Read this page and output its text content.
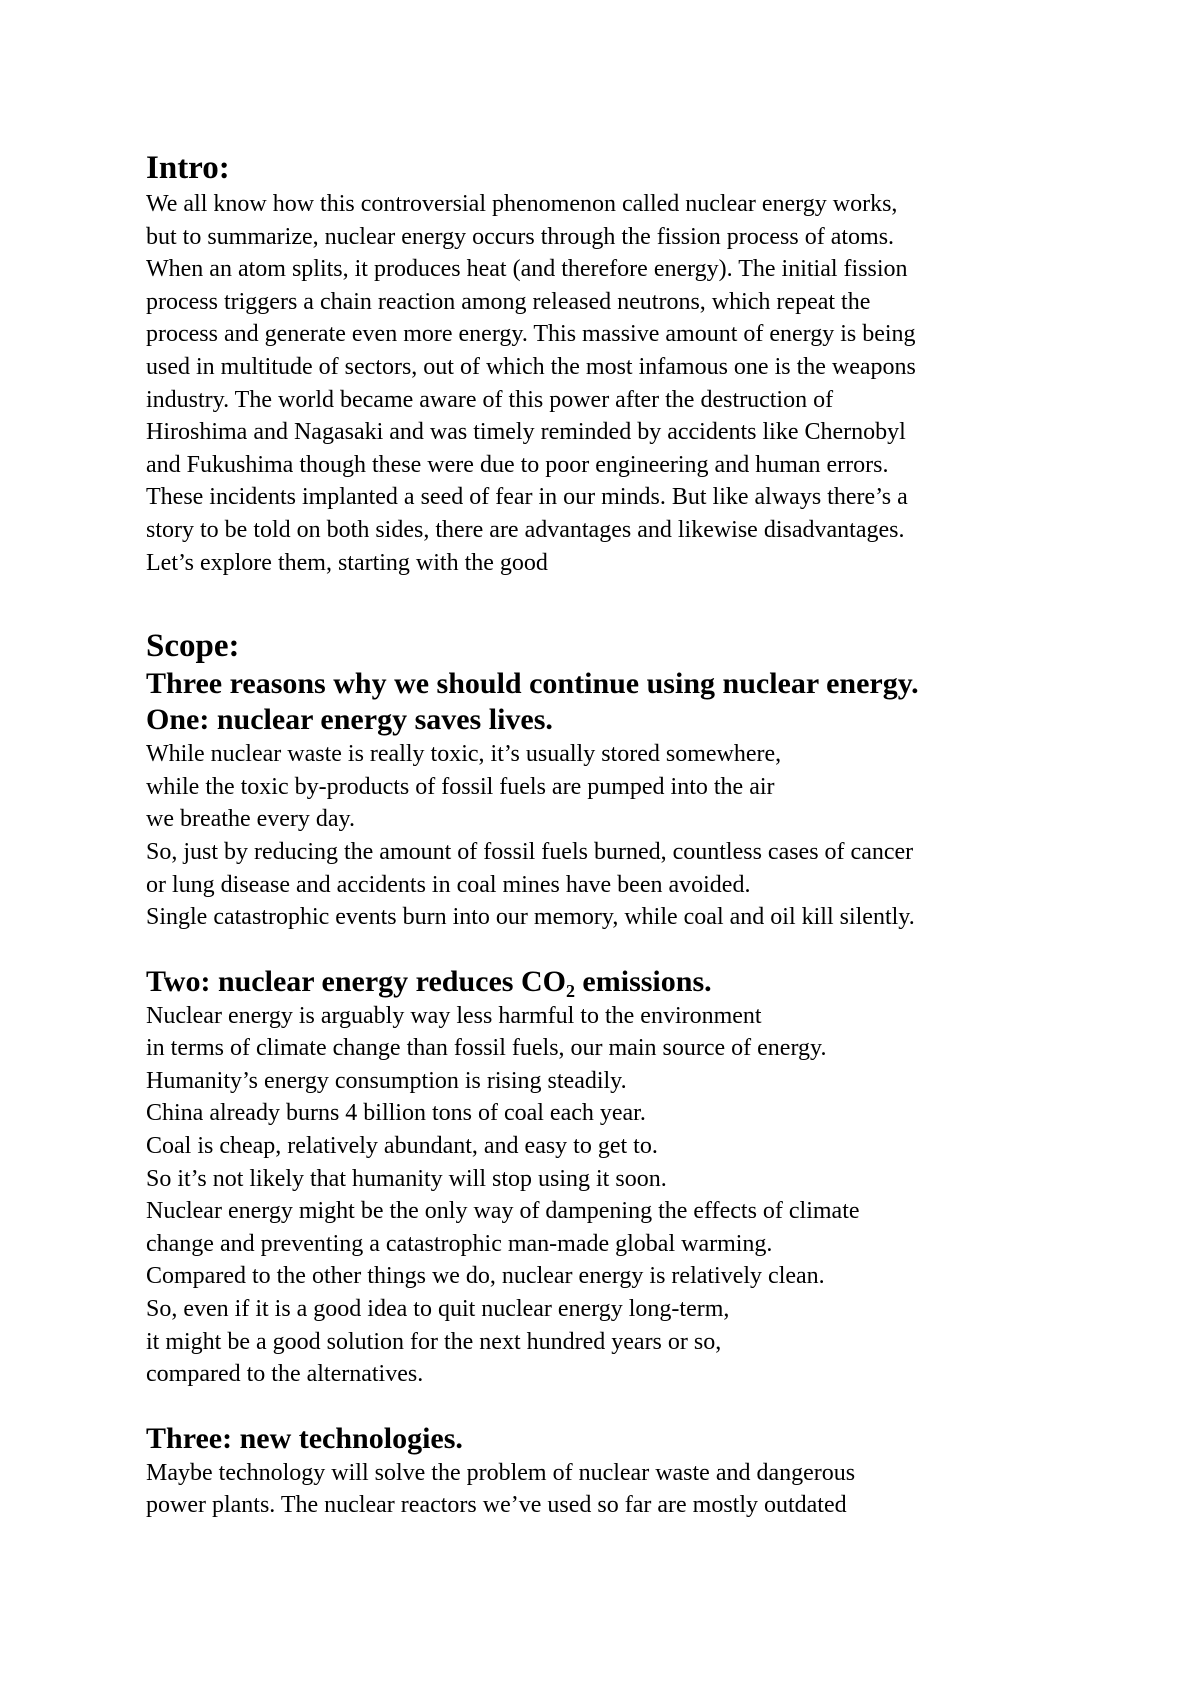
Intro:

We all know how this controversial phenomenon called nuclear energy works,

but to summarize, nuclear energy occurs through the fission process of atoms.

When an atom splits, it produces heat (and therefore energy). The initial fission

process triggers a chain reaction among released neutrons, which repeat the

process and generate even more energy. This massive amount of energy is being

used in multitude of sectors, out of which the most infamous one is the weapons

industry. The world became aware of this power after the destruction of

Hiroshima and Nagasaki and was timely reminded by accidents like Chernobyl

and Fukushima though these were due to poor engineering and human errors.

These incidents implanted a seed of fear in our minds. But like always there’s a

story to be told on both sides, there are advantages and likewise disadvantages.

Let’s explore them, starting with the good

Scope:
Three reasons why we should continue using nuclear energy.
One: nuclear energy saves lives.

While nuclear waste is really toxic, it’s usually stored somewhere,

while the toxic by-products of fossil fuels are pumped into the air

we breathe every day.

So, just by reducing the amount of fossil fuels burned, countless cases of cancer

or lung disease and accidents in coal mines have been avoided.

Single catastrophic events burn into our memory, while coal and oil kill silently.

Two: nuclear energy reduces CO₂ emissions.

Nuclear energy is arguably way less harmful to the environment

in terms of climate change than fossil fuels, our main source of energy.

Humanity’s energy consumption is rising steadily.

China already burns 4 billion tons of coal each year.

Coal is cheap, relatively abundant, and easy to get to.

So it’s not likely that humanity will stop using it soon.

Nuclear energy might be the only way of dampening the effects of climate

change and preventing a catastrophic man-made global warming.

Compared to the other things we do, nuclear energy is relatively clean.

So, even if it is a good idea to quit nuclear energy long-term,

it might be a good solution for the next hundred years or so,

compared to the alternatives.

Three: new technologies.

Maybe technology will solve the problem of nuclear waste and dangerous

power plants. The nuclear reactors we’ve used so far are mostly outdated
